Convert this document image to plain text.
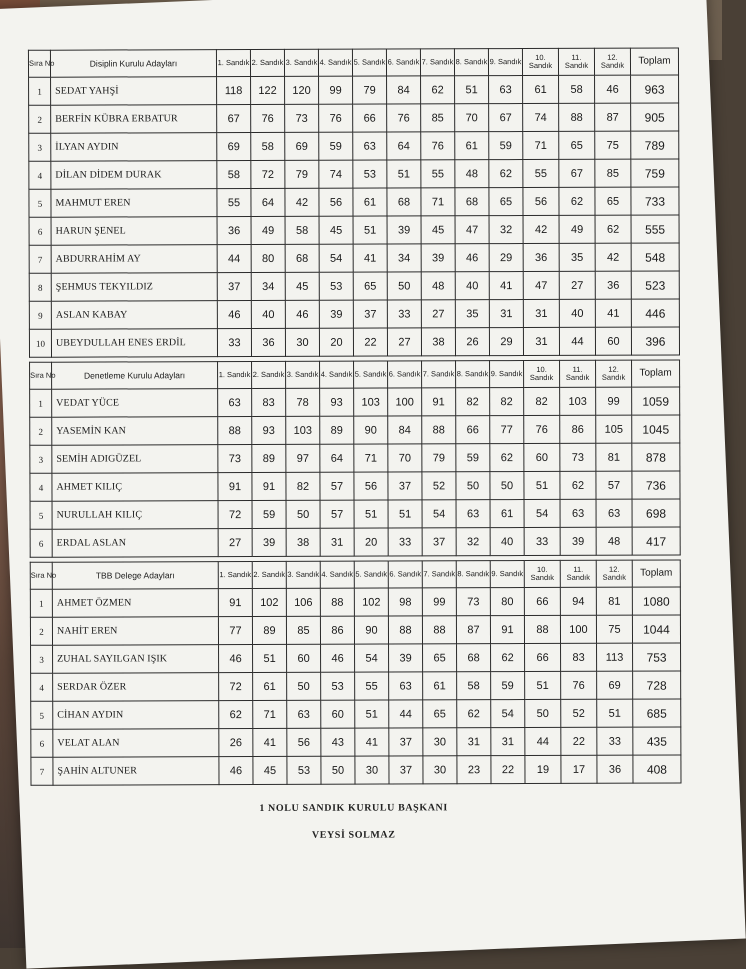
Sıra No	Disiplin Kurulu Adayları	1. Sandık	2. Sandık	3. Sandık	4. Sandık	5. Sandık	6. Sandık	7. Sandık	8. Sandık	9. Sandık	10. Sandık	11. Sandık	12. Sandık	Toplam
1	SEDAT YAHŞİ	118	122	120	99	79	84	62	51	63	61	58	46	963
2	BERFİN KÜBRA ERBATUR	67	76	73	76	66	76	85	70	67	74	88	87	905
3	İLYAN AYDIN	69	58	69	59	63	64	76	61	59	71	65	75	789
4	DİLAN DİDEM DURAK	58	72	79	74	53	51	55	48	62	55	67	85	759
5	MAHMUT EREN	55	64	42	56	61	68	71	68	65	56	62	65	733
6	HARUN ŞENEL	36	49	58	45	51	39	45	47	32	42	49	62	555
7	ABDURRAHİM AY	44	80	68	54	41	34	39	46	29	36	35	42	548
8	ŞEHMUS TEKYILDIZ	37	34	45	53	65	50	48	40	41	47	27	36	523
9	ASLAN KABAY	46	40	46	39	37	33	27	35	31	31	40	41	446
10	UBEYDULLAH ENES ERDİL	33	36	30	20	22	27	38	26	29	31	44	60	396
Sıra No	Denetleme Kurulu Adayları	1. Sandık	2. Sandık	3. Sandık	4. Sandık	5. Sandık	6. Sandık	7. Sandık	8. Sandık	9. Sandık	10. Sandık	11. Sandık	12. Sandık	Toplam
1	VEDAT YÜCE	63	83	78	93	103	100	91	82	82	82	103	99	1059
2	YASEMİN KAN	88	93	103	89	90	84	88	66	77	76	86	105	1045
3	SEMİH ADIGÜZEL	73	89	97	64	71	70	79	59	62	60	73	81	878
4	AHMET KILIÇ	91	91	82	57	56	37	52	50	50	51	62	57	736
5	NURULLAH KILIÇ	72	59	50	57	51	51	54	63	61	54	63	63	698
6	ERDAL ASLAN	27	39	38	31	20	33	37	32	40	33	39	48	417
Sıra No	TBB Delege Adayları	1. Sandık	2. Sandık	3. Sandık	4. Sandık	5. Sandık	6. Sandık	7. Sandık	8. Sandık	9. Sandık	10. Sandık	11. Sandık	12. Sandık	Toplam
1	AHMET ÖZMEN	91	102	106	88	102	98	99	73	80	66	94	81	1080
2	NAHİT EREN	77	89	85	86	90	88	88	87	91	88	100	75	1044
3	ZUHAL SAYILGAN IŞIK	46	51	60	46	54	39	65	68	62	66	83	113	753
4	SERDAR ÖZER	72	61	50	53	55	63	61	58	59	51	76	69	728
5	CİHAN AYDIN	62	71	63	60	51	44	65	62	54	50	52	51	685
6	VELAT ALAN	26	41	56	43	41	37	30	31	31	44	22	33	435
7	ŞAHİN ALTUNER	46	45	53	50	30	37	30	23	22	19	17	36	408
1 NOLU SANDIK KURULU BAŞKANI
VEYSİ SOLMAZ
